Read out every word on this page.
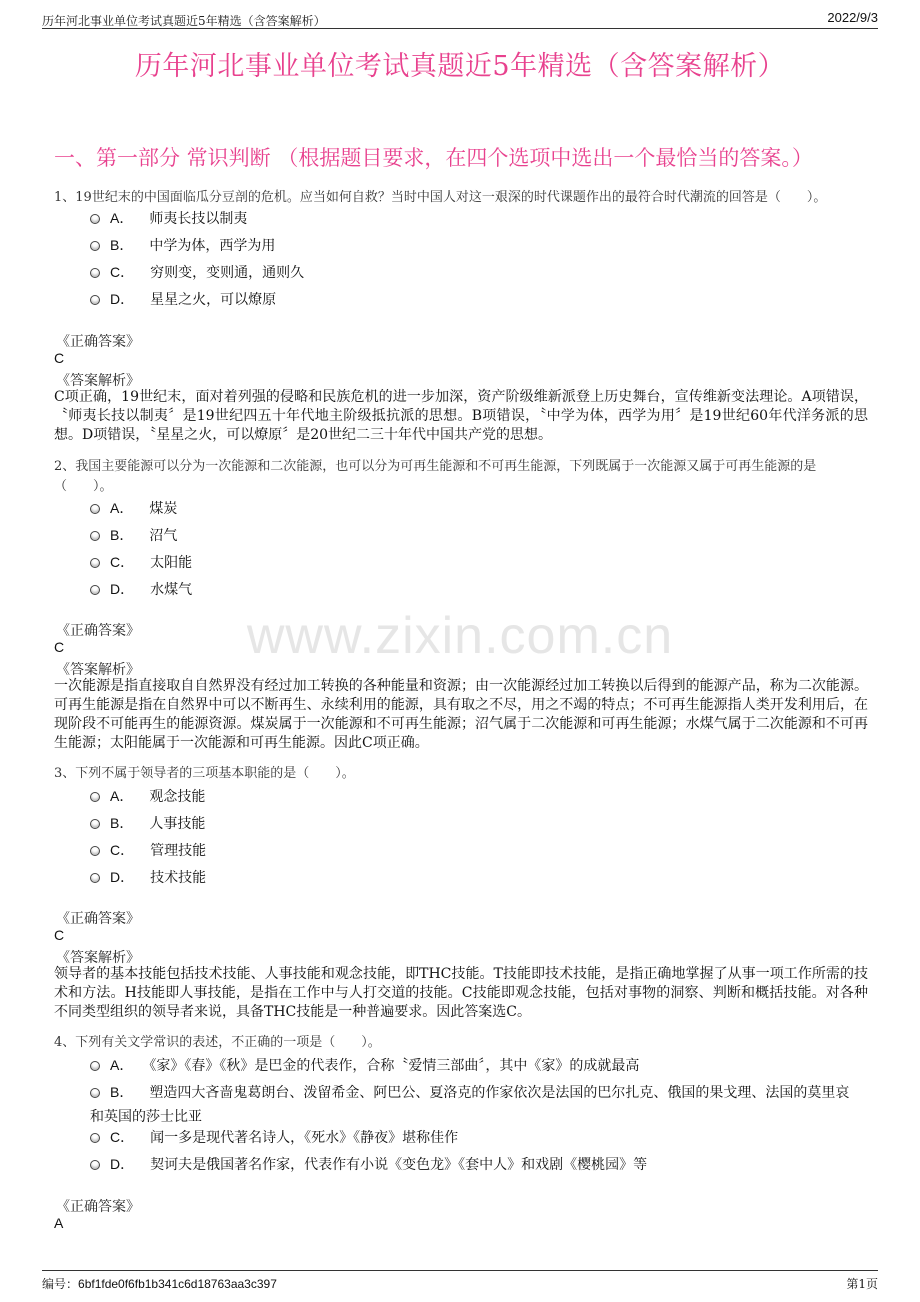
历年河北事业单位考试真题近5年精选（含答案解析）	2022/9/3
历年河北事业单位考试真题近5年精选（含答案解析）
一、第一部分 常识判断 （根据题目要求，在四个选项中选出一个最恰当的答案。）
www.zixin.com.cn
1、19世纪末的中国面临瓜分豆剖的危机。应当如何自救？当时中国人对这一艰深的时代课题作出的最符合时代潮流的回答是（　　）。
A． 师夷长技以制夷
B． 中学为体，西学为用
C． 穷则变，变则通，通则久
D． 星星之火，可以燎原
《正确答案》
C
《答案解析》
C项正确，19世纪末，面对着列强的侵略和民族危机的进一步加深，资产阶级维新派登上历史舞台，宣传维新变法理论。A项错误，〝师夷长技以制夷〞是19世纪四五十年代地主阶级抵抗派的思想。B项错误，〝中学为体，西学为用〞是19世纪60年代洋务派的思想。D项错误，〝星星之火，可以燎原〞是20世纪二三十年代中国共产党的思想。
2、我国主要能源可以分为一次能源和二次能源，也可以分为可再生能源和不可再生能源，下列既属于一次能源又属于可再生能源的是（　　）。
A． 煤炭
B． 沼气
C． 太阳能
D． 水煤气
《正确答案》
C
《答案解析》
一次能源是指直接取自自然界没有经过加工转换的各种能量和资源；由一次能源经过加工转换以后得到的能源产品，称为二次能源。可再生能源是指在自然界中可以不断再生、永续利用的能源，具有取之不尽，用之不竭的特点；不可再生能源指人类开发利用后，在现阶段不可能再生的能源资源。煤炭属于一次能源和不可再生能源；沼气属于二次能源和可再生能源；水煤气属于二次能源和不可再生能源；太阳能属于一次能源和可再生能源。因此C项正确。
3、下列不属于领导者的三项基本职能的是（　　）。
A． 观念技能
B． 人事技能
C． 管理技能
D． 技术技能
《正确答案》
C
《答案解析》
领导者的基本技能包括技术技能、人事技能和观念技能，即THC技能。T技能即技术技能，是指正确地掌握了从事一项工作所需的技术和方法。H技能即人事技能，是指在工作中与人打交道的技能。C技能即观念技能，包括对事物的洞察、判断和概括技能。对各种不同类型组织的领导者来说，具备THC技能是一种普遍要求。因此答案选C。
4、下列有关文学常识的表述，不正确的一项是（　　）。
A． 《家》《春》《秋》是巴金的代表作，合称〝爱情三部曲〞，其中《家》的成就最高
B． 塑造四大吝啬鬼葛朗台、泼留希金、阿巴公、夏洛克的作家依次是法国的巴尔扎克、俄国的果戈理、法国的莫里哀和英国的莎士比亚
C． 闻一多是现代著名诗人，《死水》《静夜》堪称佳作
D． 契诃夫是俄国著名作家，代表作有小说《变色龙》《套中人》和戏剧《樱桃园》等
《正确答案》
A
编号：6bf1fde0f6fb1b341c6d18763aa3c397	第1页
